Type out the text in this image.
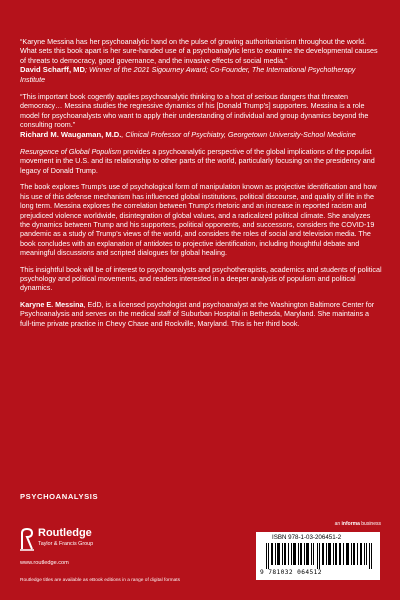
“Karyne Messina has her psychoanalytic hand on the pulse of growing authoritarianism throughout the world. What sets this book apart is her sure-handed use of a psychoanalytic lens to examine the developmental causes of threats to democracy, good governance, and the invasive effects of social media.”

David Scharff, MD; Winner of the 2021 Sigourney Award; Co-Founder, The International Psychotherapy Institute

“This important book cogently applies psychoanalytic thinking to a host of serious dangers that threaten democracy… Messina studies the regressive dynamics of his [Donald Trump's] supporters. Messina is a role model for psychoanalysts who want to apply their understanding of individual and group dynamics beyond the consulting room.”

Richard M. Waugaman, M.D., Clinical Professor of Psychiatry, Georgetown University-School Medicine

Resurgence of Global Populism provides a psychoanalytic perspective of the global implications of the populist movement in the U.S. and its relationship to other parts of the world, particularly focusing on the presidency and legacy of Donald Trump.

The book explores Trump's use of psychological form of manipulation known as projective identification and how his use of this defense mechanism has influenced global institutions, political discourse, and quality of life in the long term. Messina explores the correlation between Trump's rhetoric and an increase in reported racism and prejudiced violence worldwide, disintegration of global values, and a radicalized political climate. She analyzes the dynamics between Trump and his supporters, political opponents, and successors, considers the COVID-19 pandemic as a study of Trump's views of the world, and considers the roles of social and television media. The book concludes with an explanation of antidotes to projective identification, including thoughtful debate and meaningful discussions and scripted dialogues for global healing.

This insightful book will be of interest to psychoanalysts and psychotherapists, academics and students of political psychology and political movements, and readers interested in a deeper analysis of populism and political dynamics.

Karyne E. Messina, EdD, is a licensed psychologist and psychoanalyst at the Washington Baltimore Center for Psychoanalysis and serves on the medical staff of Suburban Hospital in Bethesda, Maryland. She maintains a full-time private practice in Chevy Chase and Rockville, Maryland. This is her third book.

PSYCHOANALYSIS
Routledge
Taylor & Francis Group
www.routledge.com
Routledge titles are available as eBook editions in a range of digital formats
an informa business
ISBN 978-1-03-206451-2
9 781032 064512
